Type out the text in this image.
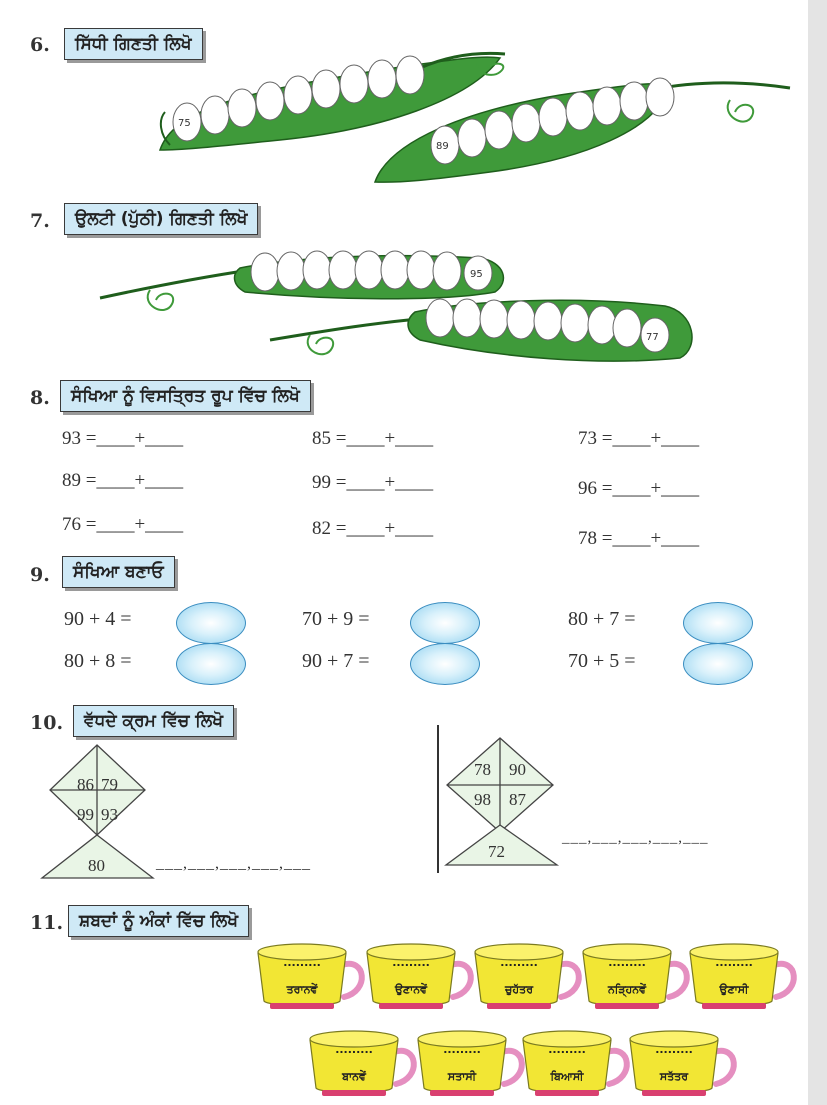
6.	ਸਿੱਧੀ ਗਿਣਤੀ ਲਿਖੋ
75
89
7.	ਉਲਟੀ (ਪੁੱਠੀ) ਗਿਣਤੀ ਲਿਖੋ
95
77
8.	ਸੰਖਿਆ ਨੂੰ ਵਿਸਤ੍ਰਿਤ ਰੂਪ ਵਿੱਚ ਲਿਖੋ
93 =____+____	85 =____+____	73 =____+____
89 =____+____	99 =____+____	96 =____+____
76 =____+____	82 =____+____	78 =____+____
9.	ਸੰਖਿਆ ਬਣਾਓ
90 + 4 =	70 + 9 =	80 + 7 =
80 + 8 =	90 + 7 =	70 + 5 =
10.	ਵੱਧਦੇ ਕ੍ਰਮ ਵਿੱਚ ਲਿਖੋ
86 79
99 93
80	___,___,___,___,___
78 90
98 87
72
___,___,___,___,___
11. ਸ਼ਬਦਾਂ ਨੂੰ ਅੰਕਾਂ ਵਿੱਚ ਲਿਖੋ
.........
ਤਰਾਨਵੇਂ
.........
ਉਣਾਨਵੇਂ
.........
ਚੁਹੱਤਰ
.........
ਨੜ੍ਹਿਨਵੇਂ
.........
ਉਣਾਸੀ
.........
ਬਾਨਵੇਂ
.........
ਸਤਾਸੀ
.........
ਬਿਆਸੀ
.........
ਸਤੱਤਰ
